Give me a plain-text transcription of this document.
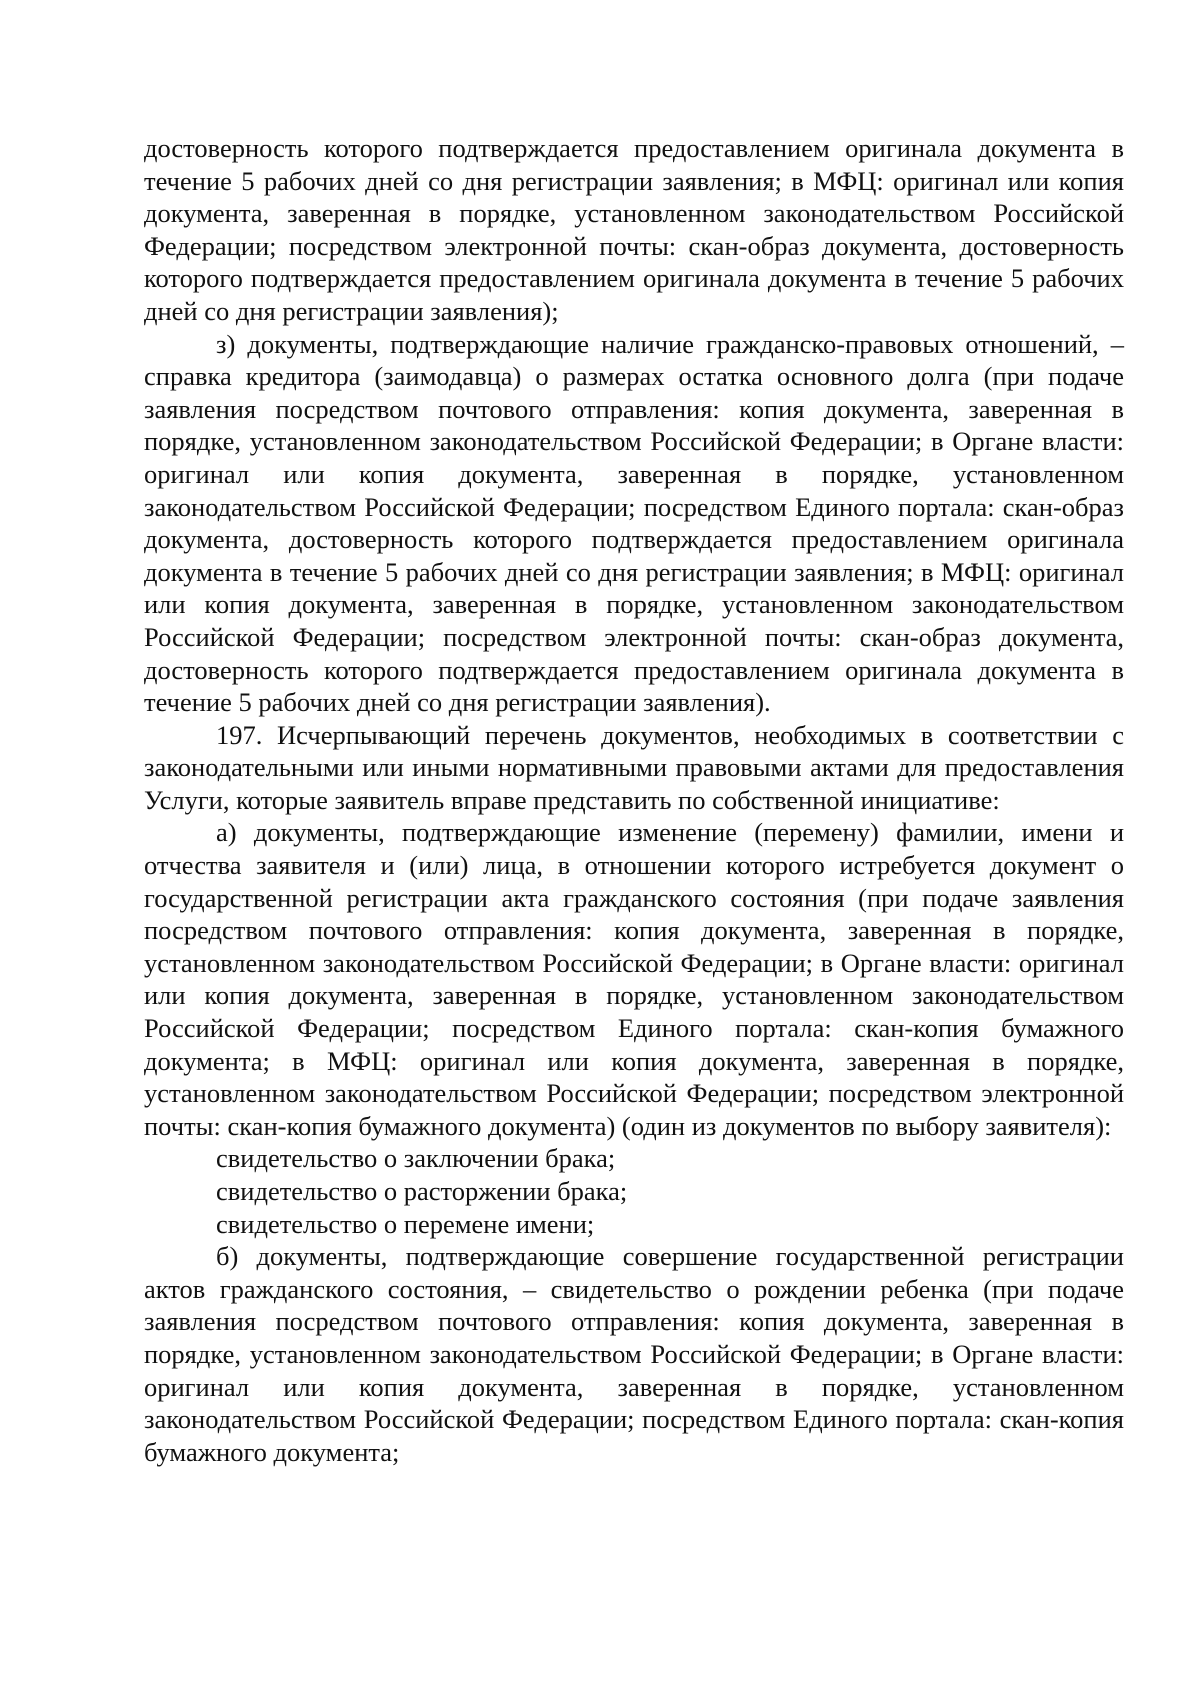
достоверность которого подтверждается предоставлением оригинала документа в течение 5 рабочих дней со дня регистрации заявления; в МФЦ: оригинал или копия документа, заверенная в порядке, установленном законодательством Российской Федерации; посредством электронной почты: скан-образ документа, достоверность которого подтверждается предоставлением оригинала документа в течение 5 рабочих дней со дня регистрации заявления);

з) документы, подтверждающие наличие гражданско-правовых отношений, – справка кредитора (заимодавца) о размерах остатка основного долга (при подаче заявления посредством почтового отправления: копия документа, заверенная в порядке, установленном законодательством Российской Федерации; в Органе власти: оригинал или копия документа, заверенная в порядке, установленном законодательством Российской Федерации; посредством Единого портала: скан-образ документа, достоверность которого подтверждается предоставлением оригинала документа в течение 5 рабочих дней со дня регистрации заявления; в МФЦ: оригинал или копия документа, заверенная в порядке, установленном законодательством Российской Федерации; посредством электронной почты: скан-образ документа, достоверность которого подтверждается предоставлением оригинала документа в течение 5 рабочих дней со дня регистрации заявления).

197. Исчерпывающий перечень документов, необходимых в соответствии с законодательными или иными нормативными правовыми актами для предоставления Услуги, которые заявитель вправе представить по собственной инициативе:

а) документы, подтверждающие изменение (перемену) фамилии, имени и отчества заявителя и (или) лица, в отношении которого истребуется документ о государственной регистрации акта гражданского состояния (при подаче заявления посредством почтового отправления: копия документа, заверенная в порядке, установленном законодательством Российской Федерации; в Органе власти: оригинал или копия документа, заверенная в порядке, установленном законодательством Российской Федерации; посредством Единого портала: скан-копия бумажного документа; в МФЦ: оригинал или копия документа, заверенная в порядке, установленном законодательством Российской Федерации; посредством электронной почты: скан-копия бумажного документа) (один из документов по выбору заявителя):

свидетельство о заключении брака;

свидетельство о расторжении брака;

свидетельство о перемене имени;

б) документы, подтверждающие совершение государственной регистрации актов гражданского состояния, – свидетельство о рождении ребенка (при подаче заявления посредством почтового отправления: копия документа, заверенная в порядке, установленном законодательством Российской Федерации; в Органе власти: оригинал или копия документа, заверенная в порядке, установленном законодательством Российской Федерации; посредством Единого портала: скан-копия бумажного документа;
